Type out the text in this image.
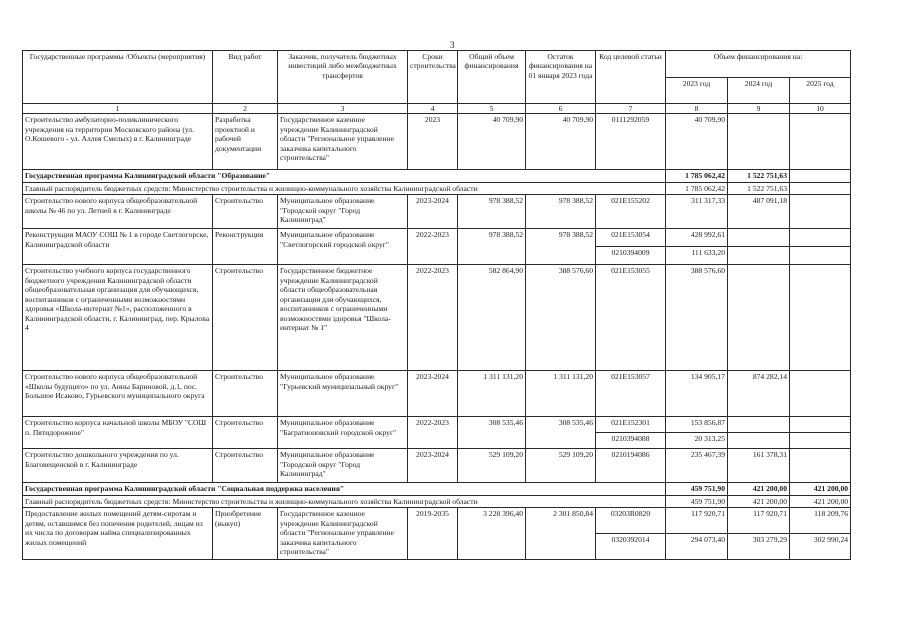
3
Государственные программы /Объекты (мероприятия)	Вид работ	Заказчик, получатель бюджетных инвестиций либо межбюджетных трансфертов	Сроки строительства	Общий объем финансирования	Остаток финансирования на 01 января 2023 года	Код целевой статьи	Объем финансирования на:		
							2023 год	2024 год	2025 год
1	2	3	4	5	6	7	8	9	10
Строительство амбулаторно-поликлинического учреждения на территории Московского района (ул. О.Кошевого - ул. Аллея Смелых) в г. Калининграде	Разработка проектной и рабочей документации	Государственное казенное учреждение Калининградской области "Региональное управление заказчика капитального строительства"	2023	40 709,90	40 709,90	0111292059	40 709,90		
Государственная программа Калининградской области "Образование"							1 785 062,42	1 522 751,63	
Главный распорядитель бюджетных средств: Министерство строительства и жилищно-коммунального хозяйства Калининградской области							1 785 062,42	1 522 751,63	
Строительство нового корпуса общеобразовательной школы № 46 по ул. Летней в г. Калининграде	Строительство	Муниципальное образование "Городской округ "Город Калининград"	2023-2024	978 388,52	978 388,52	021E155202	311 317,33	487 091,18	
Реконструкция МАОУ СОШ № 1 в городе Светлогорске, Калининградской области	Реконструкция	Муниципальное образование "Светлогорский городской округ"	2022-2023	978 388,52	978 388,52	021E153054	428 992,61		
						0210394009	111 633,20		
Строительство учебного корпуса государственного бюджетного учреждения Калининградской области общеобразовательная организация для обучающихся, воспитанников с ограниченными возможностями здоровья «Школа-интернат №1», расположенного в Калининградской области, г. Калининград, пер. Крылова 4	Строительство	Государственное бюджетное учреждение Калининградской области общеобразовательная организация для обучающихся, воспитанников с ограниченными возможностями здоровья "Школа-интернат № 1"	2022-2023	582 864,90	388 576,60	021E153055	388 576,60		
Строительство нового корпуса общеобразовательной «Школы будущего» по ул. Анны Бариновой, д.1, пос. Большое Исаково, Гурьевского муниципального округа	Строительство	Муниципальное образование "Гурьевский муниципальный округ"	2023-2024	1 311 131,20	1 311 131,20	021E153057	134 905,17	874 282,14	
Строительство корпуса начальной школы МБОУ "СОШ п. Пятидорожное"	Строительство	Муниципальное образование "Багратионовский городской округ"	2022-2023	308 535,46	308 535,46	021E152301	153 856,87		
						0210394088	20 313,25		
Строительство дошкольного учреждения по ул. Благовещенской в г. Калининграде	Строительство	Муниципальное образование "Городской округ "Город Калининград"	2023-2024	529 109,20	529 109,20	0210194086	235 467,39	161 378,31	
Государственная программа Калининградской области "Социальная поддержка населения"							459 751,90	421 200,00	421 200,00
Главный распорядитель бюджетных средств: Министерство строительства и жилищно-коммунального хозяйства Калининградской области							459 751,90	421 200,00	421 200,00
Предоставление жилых помещений детям-сиротам и детям, оставшимся без попечения родителей, лицам из их числа по договорам найма специализированных жилых помещений	Приобретение (выкуп)	Государственное казенное учреждение Калининградской области "Региональное управление заказчика капитального строительства"	2019-2035	3 228 396,40	2 301 850,84	03203R0820	117 920,71	117 920,71	118 209,76
						0320392014	294 073,40	303 279,29	302 990,24
